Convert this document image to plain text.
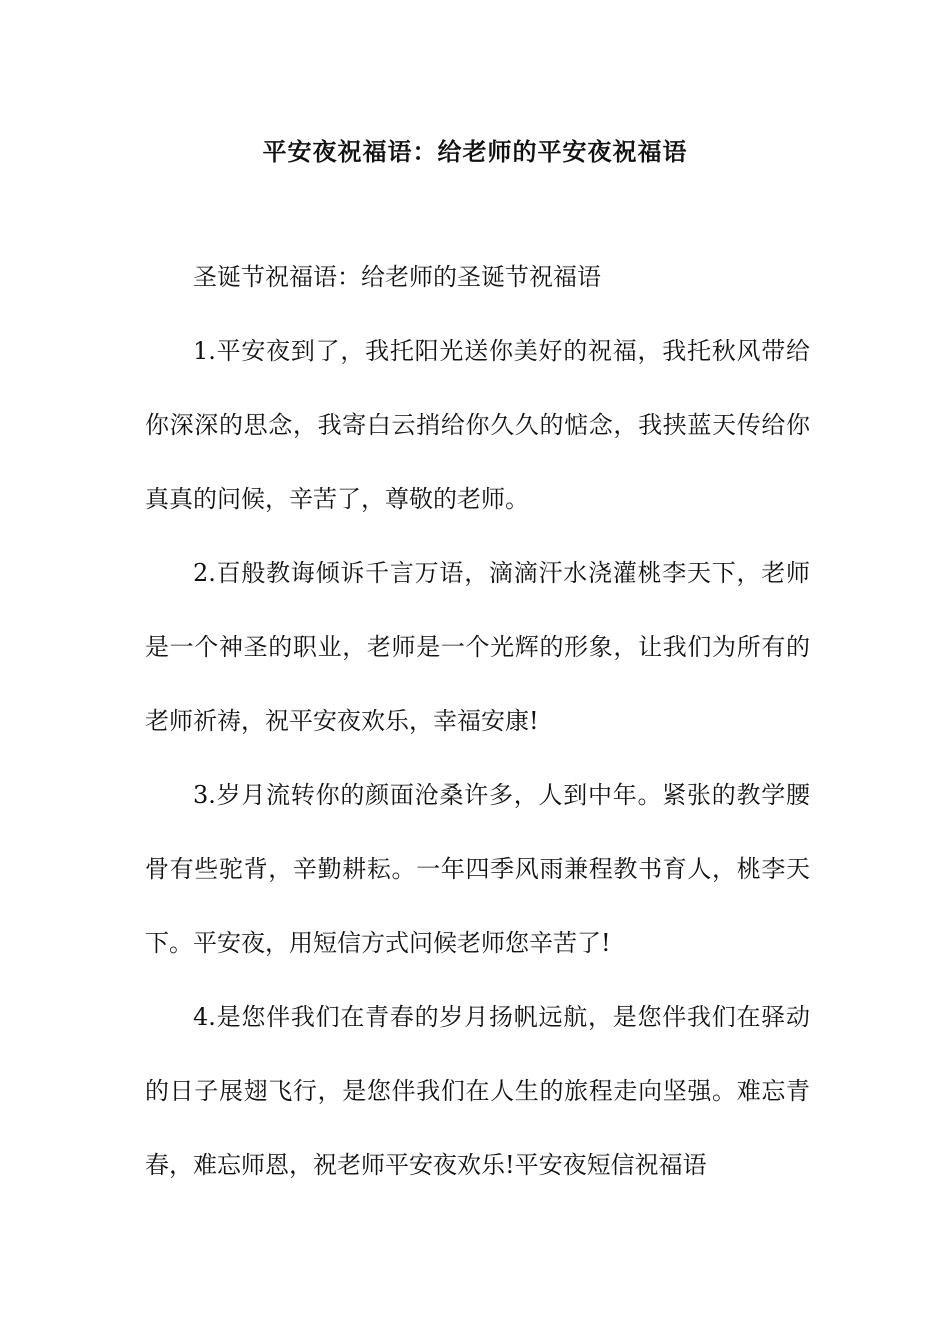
平安夜祝福语：给老师的平安夜祝福语

圣诞节祝福语：给老师的圣诞节祝福语

1.平安夜到了，我托阳光送你美好的祝福，我托秋风带给你深深的思念，我寄白云捎给你久久的惦念，我挟蓝天传给你真真的问候，辛苦了，尊敬的老师。

2.百般教诲倾诉千言万语，滴滴汗水浇灌桃李天下，老师是一个神圣的职业，老师是一个光辉的形象，让我们为所有的老师祈祷，祝平安夜欢乐，幸福安康!

3.岁月流转你的颜面沧桑许多，人到中年。紧张的教学腰骨有些驼背，辛勤耕耘。一年四季风雨兼程教书育人，桃李天下。平安夜，用短信方式问候老师您辛苦了!

4.是您伴我们在青春的岁月扬帆远航，是您伴我们在驿动的日子展翅飞行，是您伴我们在人生的旅程走向坚强。难忘青春，难忘师恩，祝老师平安夜欢乐!平安夜短信祝福语
